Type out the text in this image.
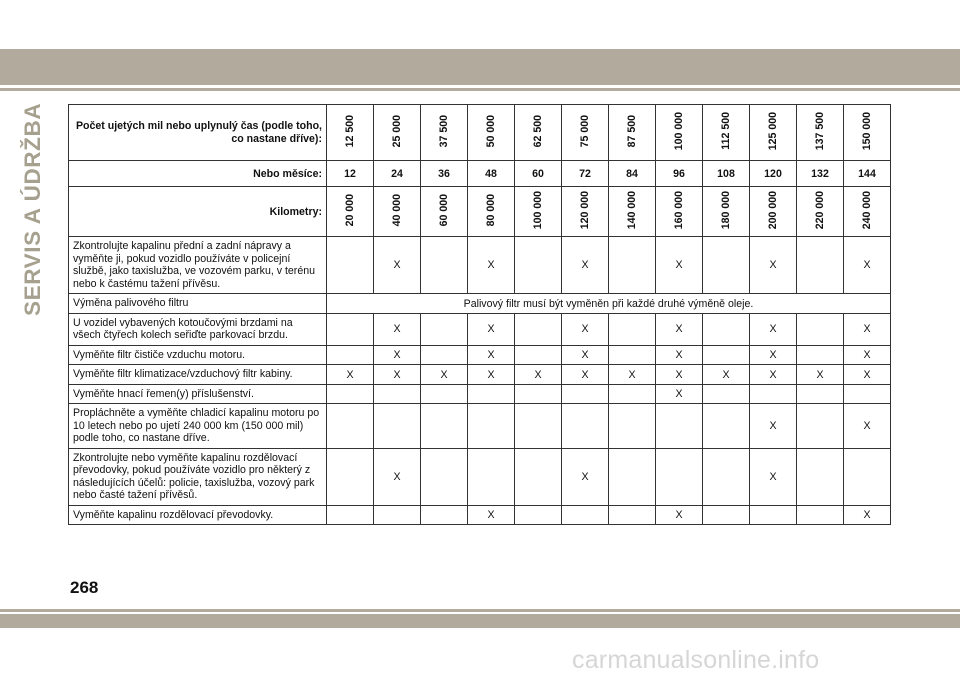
SERVIS A ÚDRŽBA	Počet ujetých mil nebo uplynulý čas (podle toho, co nastane dříve):	12 500	25 000	37 500	50 000	62 500	75 000	87 500	100 000	112 500	125 000	137 500	150 000
Nebo měsíce:	12	24	36	48	60	72	84	96	108	120	132	144
Kilometry:	20 000	40 000	60 000	80 000	100 000	120 000	140 000	160 000	180 000	200 000	220 000	240 000
Zkontrolujte kapalinu přední a zadní nápravy a vyměňte ji, pokud vozidlo používáte v policejní službě, jako taxislužba, ve vozovém parku, v terénu nebo k častému tažení přívěsu.		X		X		X		X		X		X
Výměna palivového filtru	Palivový filtr musí být vyměněn při každé druhé výměně oleje.											
U vozidel vybavených kotoučovými brzdami na všech čtyřech kolech seřiďte parkovací brzdu.		X		X		X		X		X		X
Vyměňte filtr čističe vzduchu motoru.		X		X		X		X		X		X
Vyměňte filtr klimatizace/vzduchový filtr kabiny.	X	X	X	X	X	X	X	X	X	X	X	X
Vyměňte hnací řemen(y) příslušenství.								X				
Propláchněte a vyměňte chladicí kapalinu motoru po 10 letech nebo po ujetí 240 000 km (150 000 mil) podle toho, co nastane dříve.										X		X
Zkontrolujte nebo vyměňte kapalinu rozdělovací převodovky, pokud používáte vozidlo pro některý z následujících účelů: policie, taxislužba, vozový park nebo časté tažení přívěsů.		X				X				X		
Vyměňte kapalinu rozdělovací převodovky.				X				X				X
268
carmanualsonline.info
